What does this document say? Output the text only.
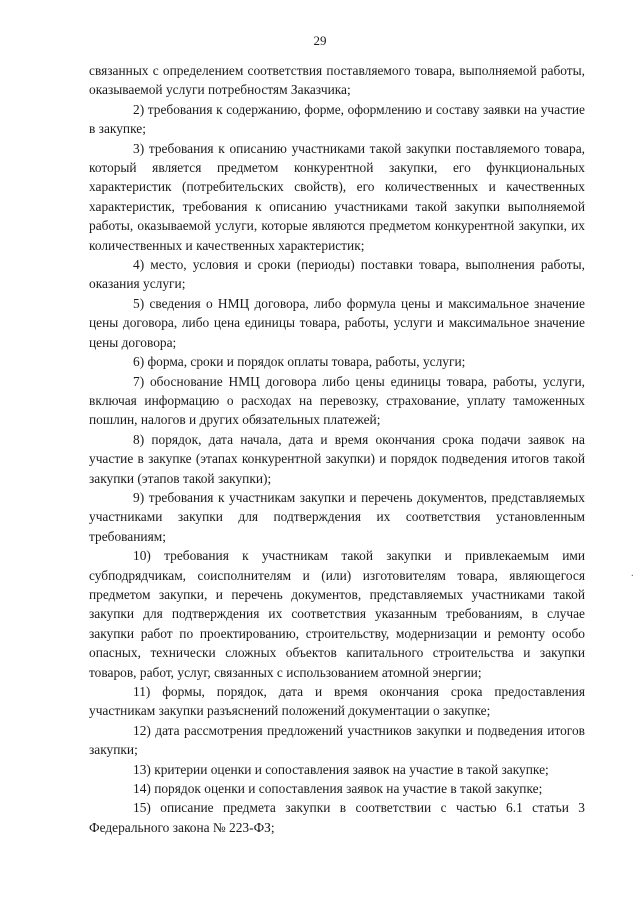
29

связанных с определением соответствия поставляемого товара, выполняемой работы, оказываемой услуги потребностям Заказчика;

2) требования к содержанию, форме, оформлению и составу заявки на участие в закупке;

3) требования к описанию участниками такой закупки поставляемого товара, который является предметом конкурентной закупки, его функциональных характеристик (потребительских свойств), его количественных и качественных характеристик, требования к описанию участниками такой закупки выполняемой работы, оказываемой услуги, которые являются предметом конкурентной закупки, их количественных и качественных характеристик;

4) место, условия и сроки (периоды) поставки товара, выполнения работы, оказания услуги;

5) сведения о НМЦ договора, либо формула цены и максимальное значение цены договора, либо цена единицы товара, работы, услуги и максимальное значение цены договора;

6) форма, сроки и порядок оплаты товара, работы, услуги;

7) обоснование НМЦ договора либо цены единицы товара, работы, услуги, включая информацию о расходах на перевозку, страхование, уплату таможенных пошлин, налогов и других обязательных платежей;

8) порядок, дата начала, дата и время окончания срока подачи заявок на участие в закупке (этапах конкурентной закупки) и порядок подведения итогов такой закупки (этапов такой закупки);

9) требования к участникам закупки и перечень документов, представляемых участниками закупки для подтверждения их соответствия установленным требованиям;

10) требования к участникам такой закупки и привлекаемым ими субподрядчикам, соисполнителям и (или) изготовителям товара, являющегося предметом закупки, и перечень документов, представляемых участниками такой закупки для подтверждения их соответствия указанным требованиям, в случае закупки работ по проектированию, строительству, модернизации и ремонту особо опасных, технически сложных объектов капитального строительства и закупки товаров, работ, услуг, связанных с использованием атомной энергии;

11) формы, порядок, дата и время окончания срока предоставления участникам закупки разъяснений положений документации о закупке;

12) дата рассмотрения предложений участников закупки и подведения итогов закупки;

13) критерии оценки и сопоставления заявок на участие в такой закупке;

14) порядок оценки и сопоставления заявок на участие в такой закупке;

15) описание предмета закупки в соответствии с частью 6.1 статьи 3 Федерального закона № 223-ФЗ;

·
